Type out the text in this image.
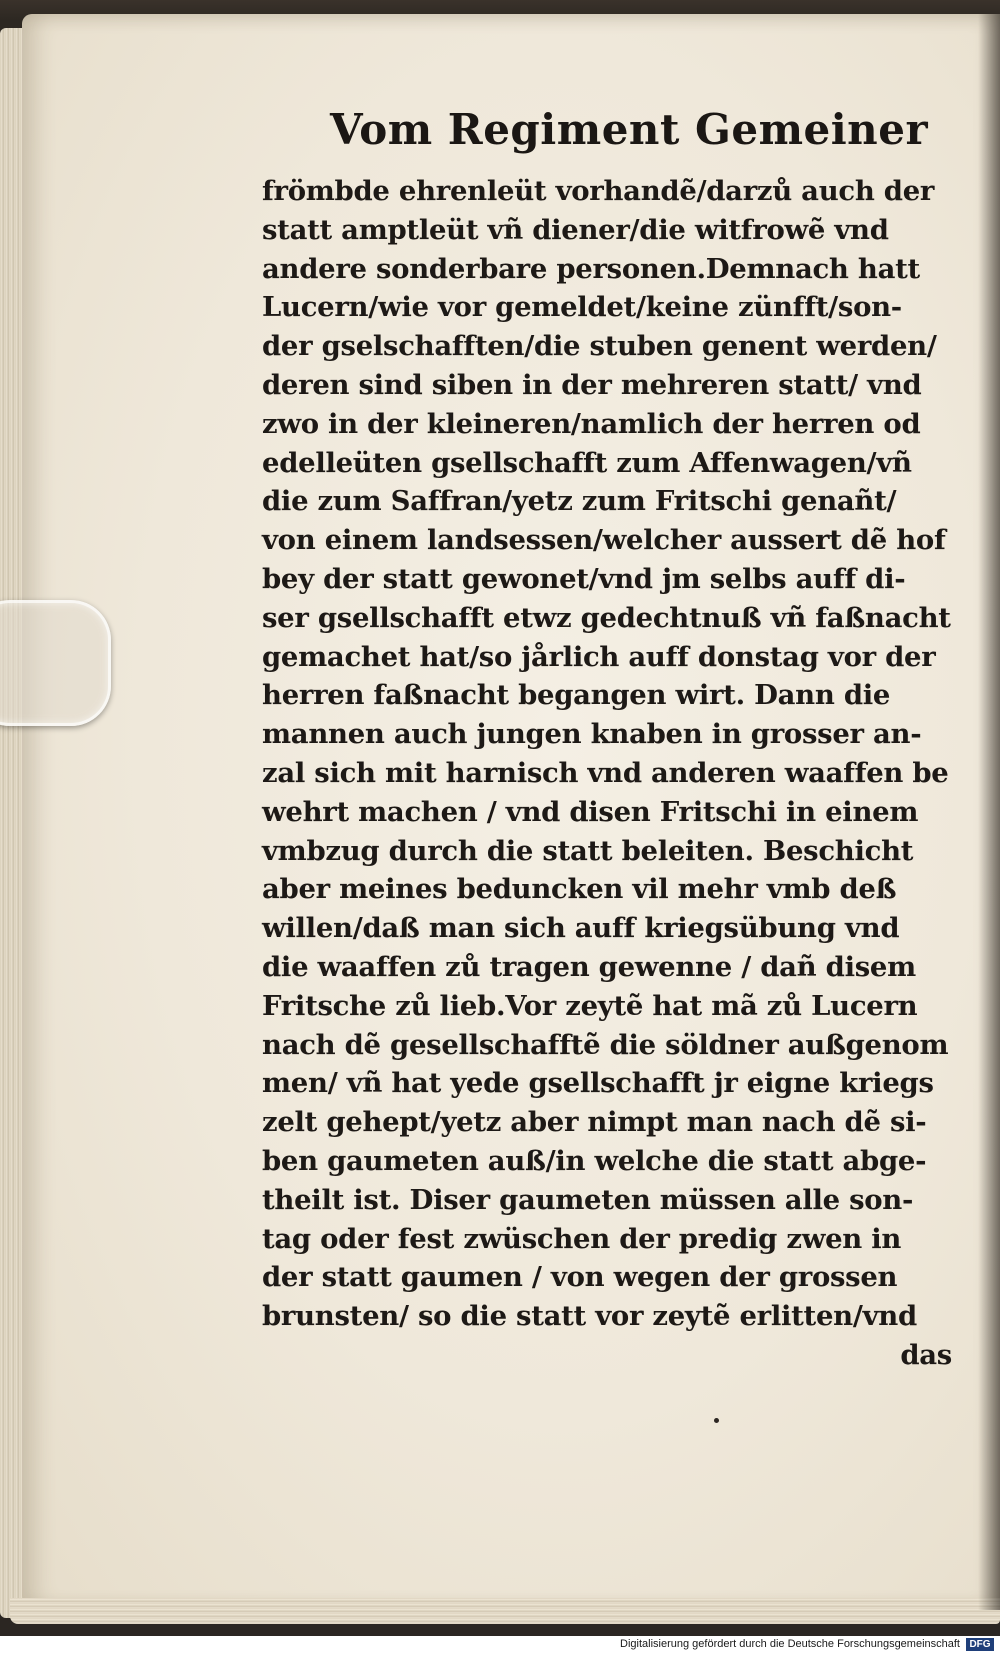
Vom Regiment Gemeiner
frömbde ehrenleüt vorhandẽ/darzů auch der
statt amptleüt vñ diener/die witfrowẽ vnd
andere sonderbare personen.Demnach hatt
Lucern/wie vor gemeldet/keine zünfft/son-
der gselschafften/die stuben genent werden/
deren sind siben in der mehreren statt/ vnd
zwo in der kleineren/namlich der herren od
edelleüten gsellschafft zum Affenwagen/vñ
die zum Saffran/yetz zum Fritschi genañt/
von einem landsessen/welcher aussert dẽ hof
bey der statt gewonet/vnd jm selbs auff di-
ser gsellschafft etwz gedechtnuß vñ faßnacht
gemachet hat/so jårlich auff donstag vor der
herren faßnacht begangen wirt. Dann die
mannen auch jungen knaben in grosser an-
zal sich mit harnisch vnd anderen waaffen be
wehrt machen / vnd disen Fritschi in einem
vmbzug durch die statt beleiten. Beschicht
aber meines beduncken vil mehr vmb deß
willen/daß man sich auff kriegsübung vnd
die waaffen zů tragen gewenne / dañ disem
Fritsche zů lieb.Vor zeytẽ hat mã zů Lucern
nach dẽ gesellschafftẽ die söldner außgenom
men/ vñ hat yede gsellschafft jr eigne kriegs
zelt gehept/yetz aber nimpt man nach dẽ si-
ben gaumeten auß/in welche die statt abge-
theilt ist. Diser gaumeten müssen alle son-
tag oder fest zwüschen der predig zwen in
der statt gaumen / von wegen der grossen
brunsten/ so die statt vor zeytẽ erlitten/vnd
das
Digitalisierung gefördert durch die Deutsche Forschungsgemeinschaft DFG
